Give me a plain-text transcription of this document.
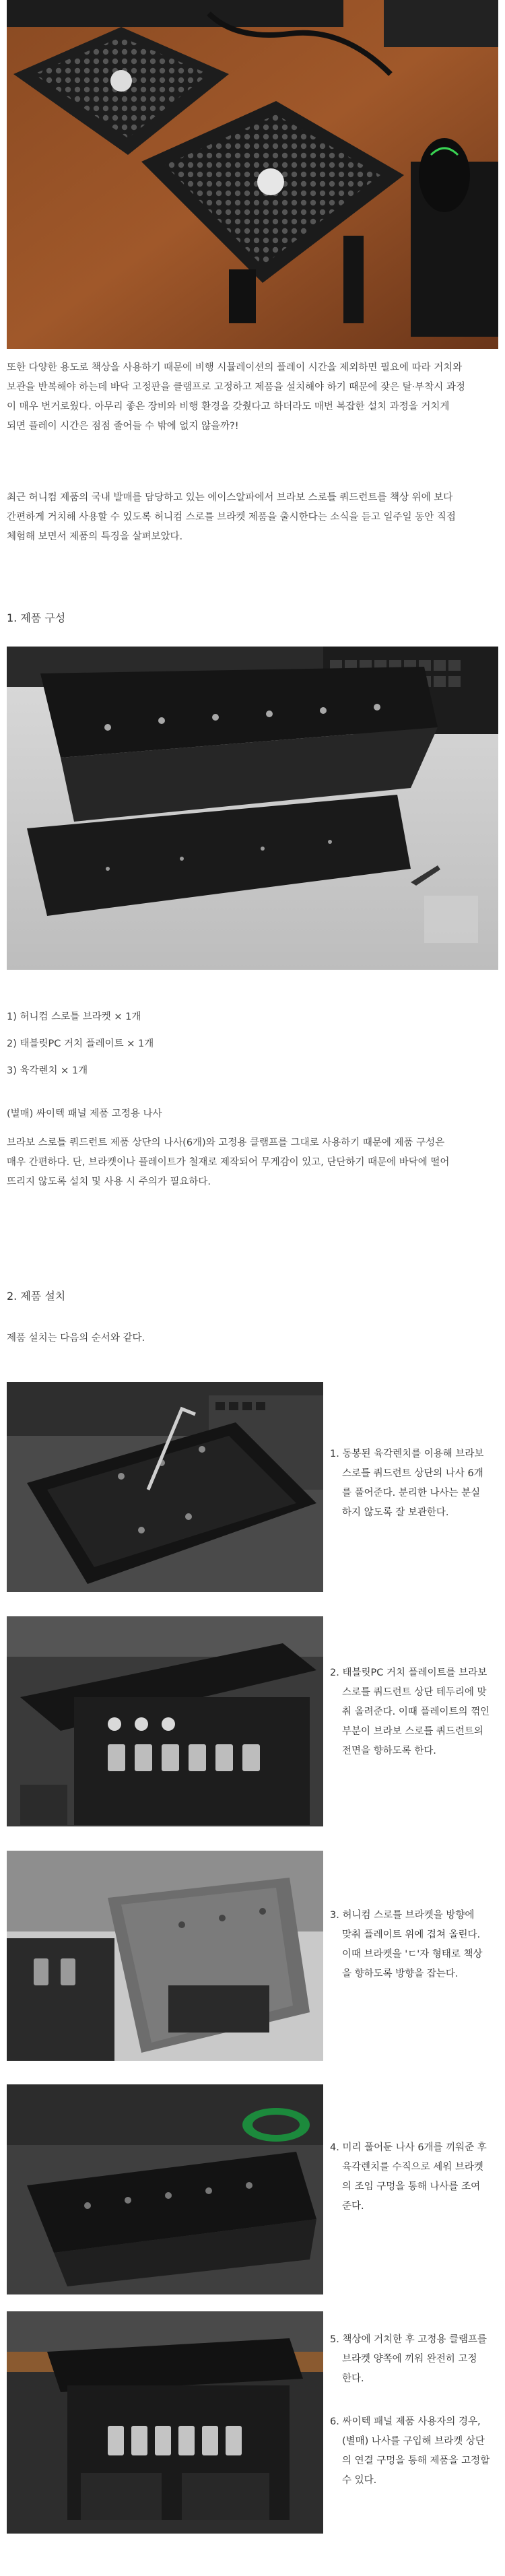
또한 다양한 용도로 책상을 사용하기 때문에 비행 시뮬레이션의 플레이 시간을 제외하면 필요에 따라 거치와

보관을 반복해야 하는데 바닥 고정판을 클램프로 고정하고 제품을 설치해야 하기 때문에 잦은 탈·부착시 과정

이 매우 번거로웠다. 아무리 좋은 장비와 비행 환경을 갖췄다고 하더라도 매번 복잡한 설치 과정을 거치게

되면 플레이 시간은 점점 줄어들 수 밖에 없지 않을까?!

최근 허니컴 제품의 국내 발매를 담당하고 있는 에이스알파에서 브라보 스로틀 쿼드런트를 책상 위에 보다

간편하게 거치해 사용할 수 있도록 허니컴 스로틀 브라켓 제품을 출시한다는 소식을 듣고 일주일 동안 직접

체험해 보면서 제품의 특징을 살펴보았다.

1. 제품 구성
1) 허니컴 스로틀 브라켓 × 1개
2) 태블릿PC 거치 플레이트 × 1개
3) 육각렌치 × 1개
(별매) 싸이텍 패널 제품 고정용 나사

브라보 스로틀 쿼드런트 제품 상단의 나사(6개)와 고정용 클램프를 그대로 사용하기 때문에 제품 구성은

매우 간편하다. 단, 브라켓이나 플레이트가 철재로 제작되어 무게감이 있고, 단단하기 때문에 바닥에 떨어

뜨리지 않도록 설치 및 사용 시 주의가 필요하다.

2. 제품 설치
제품 설치는 다음의 순서와 같다.
1. 동봉된 육각렌치를 이용해 브라보
스로틀 쿼드런트 상단의 나사 6개
를 풀어준다. 분리한 나사는 분실
하지 않도록 잘 보관한다.
2. 태블릿PC 거치 플레이트를 브라보
스로틀 쿼드런트 상단 테두리에 맞
춰 올려준다. 이때 플레이트의 꺾인
부분이 브라보 스로틀 쿼드런트의
전면을 향하도록 한다.
3. 허니컴 스로틀 브라켓을 방향에
맞춰 플레이트 위에 겹쳐 올린다.
이때 브라켓을 'ㄷ'자 형태로 책상
을 향하도록 방향을 잡는다.
4. 미리 풀어둔 나사 6개를 끼워준 후
육각렌치를 수직으로 세워 브라켓
의 조임 구멍을 통해 나사를 조여
준다.
5. 책상에 거치한 후 고정용 클램프를
브라켓 양쪽에 끼워 완전히 고정
한다.
6. 싸이텍 패널 제품 사용자의 경우,
(별매) 나사를 구입해 브라켓 상단
의 연결 구멍을 통해 제품을 고정할
수 있다.
